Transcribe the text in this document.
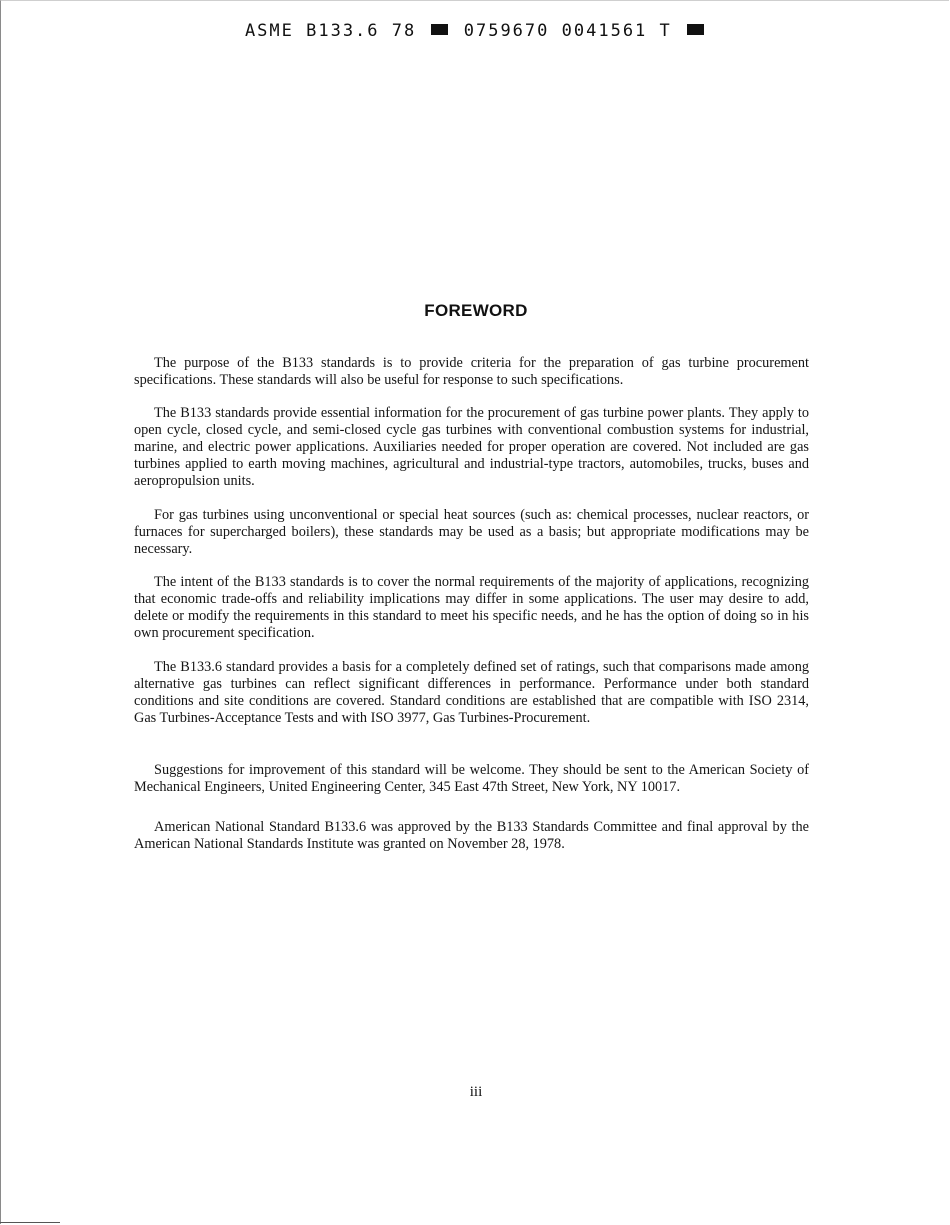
ASME B133.6 78	0759670 0041561 T
FOREWORD

The purpose of the B133 standards is to provide criteria for the preparation of gas turbine procurement specifications. These standards will also be useful for response to such specifications.

The B133 standards provide essential information for the procurement of gas turbine power plants. They apply to open cycle, closed cycle, and semi-closed cycle gas turbines with conventional combustion systems for industrial, marine, and electric power applications. Auxiliaries needed for proper operation are covered. Not included are gas turbines applied to earth moving machines, agricultural and industrial-type tractors, automobiles, trucks, buses and aeropropulsion units.

For gas turbines using unconventional or special heat sources (such as: chemical processes, nuclear reactors, or furnaces for supercharged boilers), these standards may be used as a basis; but appropriate modifications may be necessary.

The intent of the B133 standards is to cover the normal requirements of the majority of applications, recognizing that economic trade-offs and reliability implications may differ in some applications. The user may desire to add, delete or modify the requirements in this standard to meet his specific needs, and he has the option of doing so in his own procurement specification.

The B133.6 standard provides a basis for a completely defined set of ratings, such that comparisons made among alternative gas turbines can reflect significant differences in performance. Performance under both standard conditions and site conditions are covered. Standard conditions are established that are compatible with ISO 2314, Gas Turbines-Acceptance Tests and with ISO 3977, Gas Turbines-Procurement.

Suggestions for improvement of this standard will be welcome. They should be sent to the American Society of Mechanical Engineers, United Engineering Center, 345 East 47th Street, New York, NY 10017.

American National Standard B133.6 was approved by the B133 Standards Committee and final approval by the American National Standards Institute was granted on November 28, 1978.

iii
